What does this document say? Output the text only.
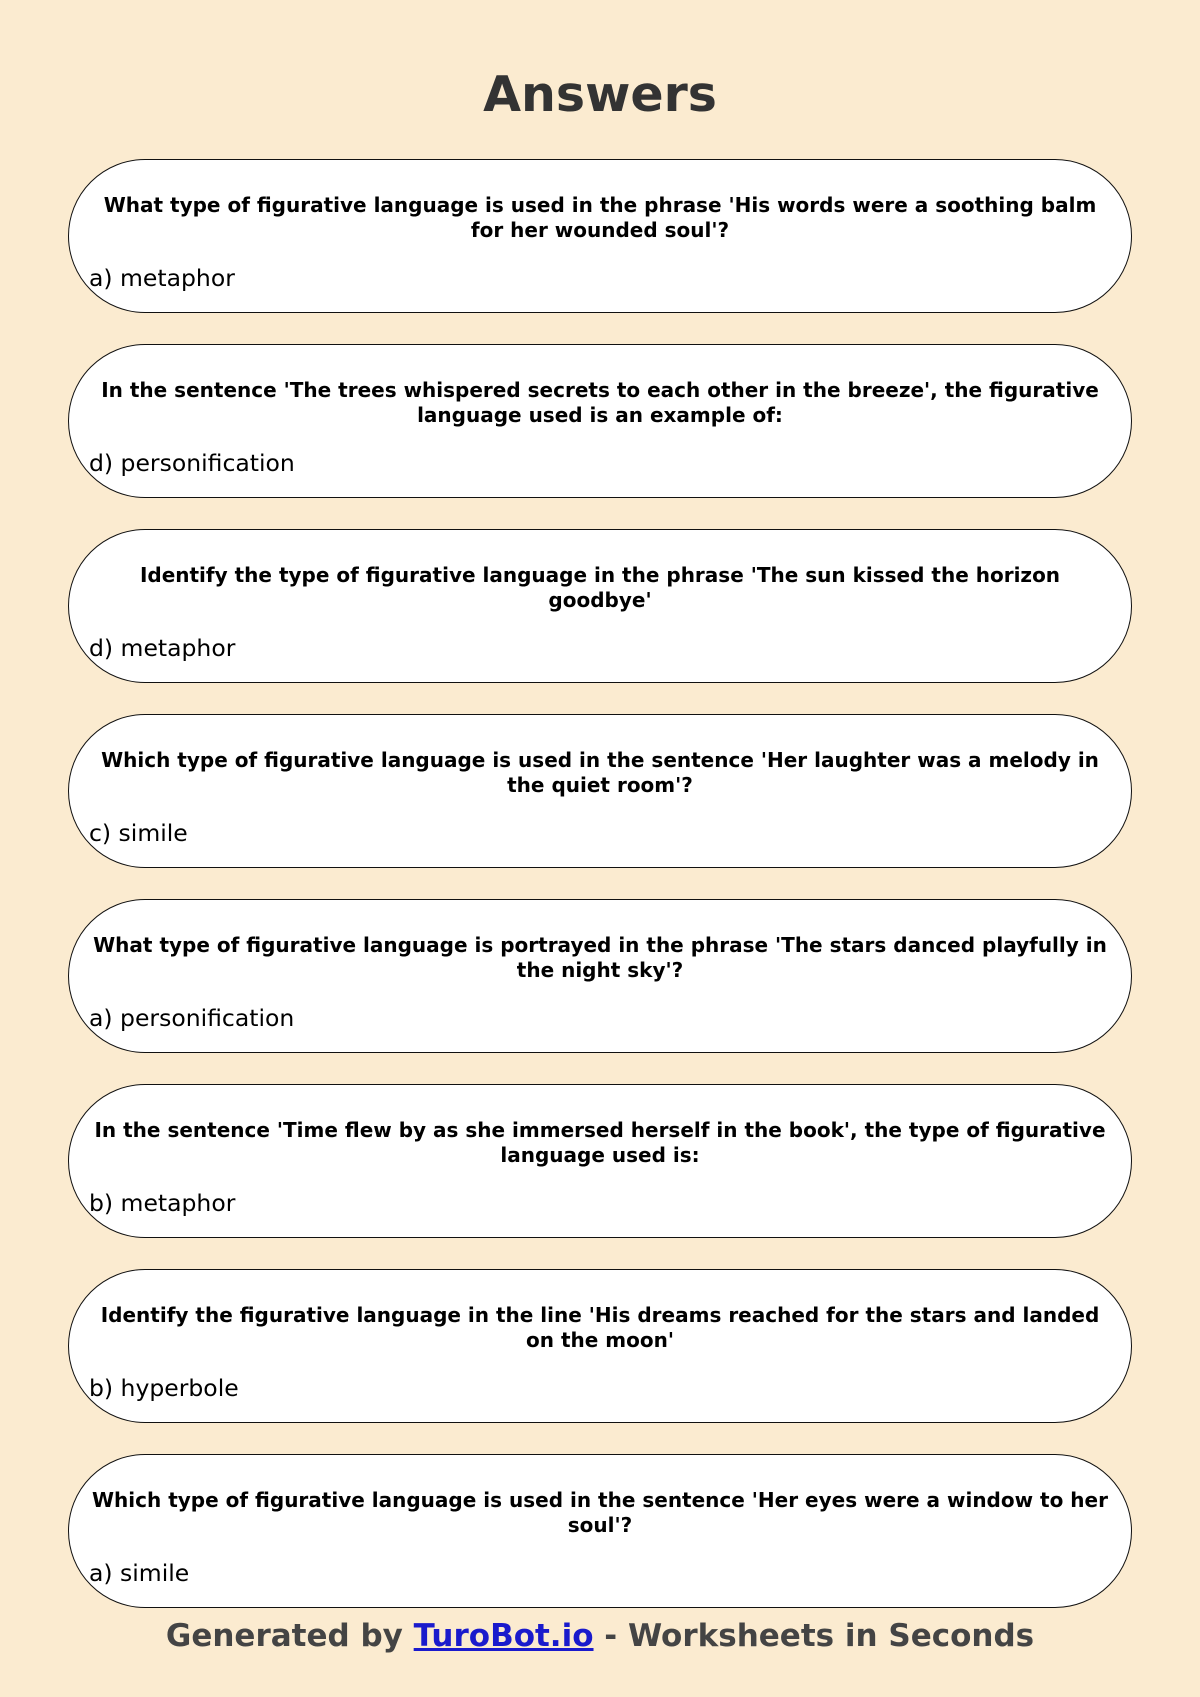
Answers
What type of figurative language is used in the phrase 'His words were a soothing balm for her wounded soul'?
a) metaphor
In the sentence 'The trees whispered secrets to each other in the breeze', the figurative language used is an example of:
d) personification
Identify the type of figurative language in the phrase 'The sun kissed the horizon goodbye'
d) metaphor
Which type of figurative language is used in the sentence 'Her laughter was a melody in the quiet room'?
c) simile
What type of figurative language is portrayed in the phrase 'The stars danced playfully in the night sky'?
a) personification
In the sentence 'Time flew by as she immersed herself in the book', the type of figurative language used is:
b) metaphor
Identify the figurative language in the line 'His dreams reached for the stars and landed on the moon'
b) hyperbole
Which type of figurative language is used in the sentence 'Her eyes were a window to her soul'?
a) simile
Generated by TuroBot.io - Worksheets in Seconds
